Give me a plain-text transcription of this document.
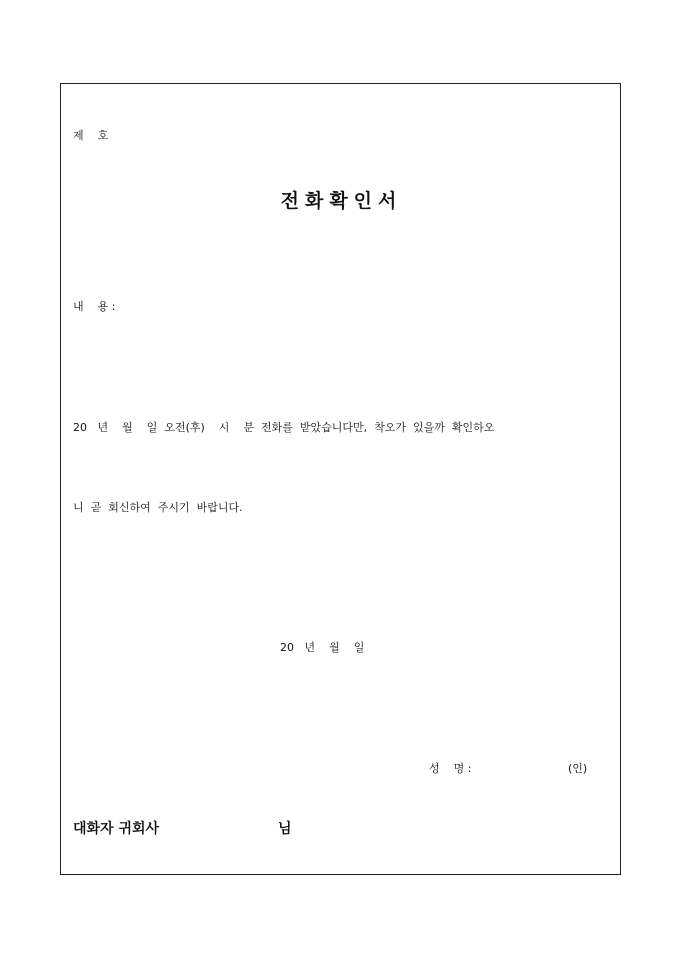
제    호
전화확인서
내    용 :
20   년    월    일  오전(후)    시    분  전화를  받았습니다만,  착오가  있을까  확인하오
니  곧  회신하여  주시기  바랍니다.
20   년    월    일
성    명 :	(인)
대화자 귀회사	님
